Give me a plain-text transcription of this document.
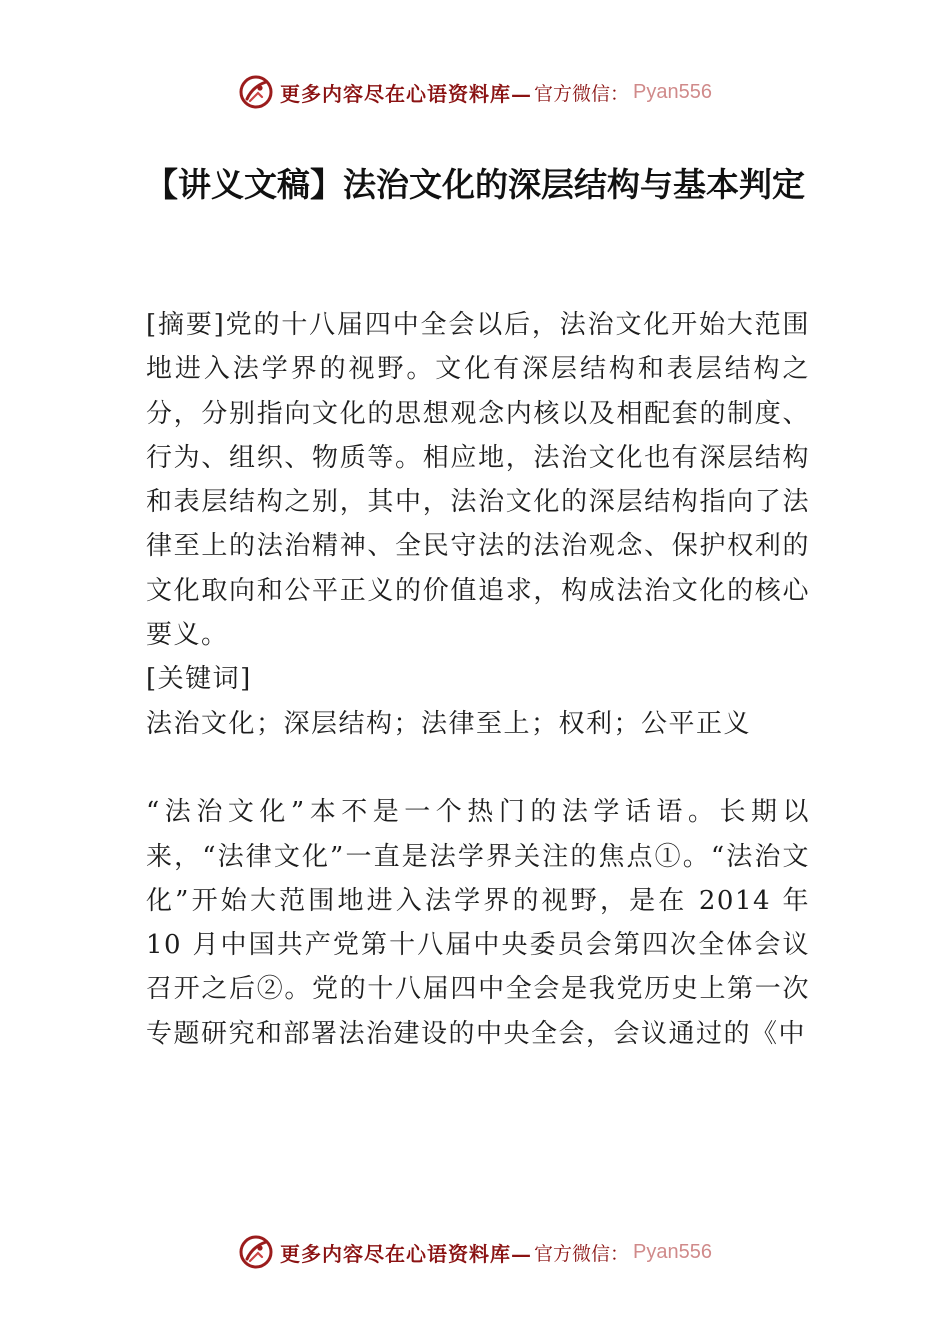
更多内容尽在心语资料库— 官方微信： Pyan556
【讲义文稿】法治文化的深层结构与基本判定

[摘要]党的十八届四中全会以后，法治文化开始大范围地进入法学界的视野。文化有深层结构和表层结构之分，分别指向文化的思想观念内核以及相配套的制度、行为、组织、物质等。相应地，法治文化也有深层结构和表层结构之别，其中，法治文化的深层结构指向了法律至上的法治精神、全民守法的法治观念、保护权利的文化取向和公平正义的价值追求，构成法治文化的核心要义。

[关键词]

法治文化；深层结构；法律至上；权利；公平正义

“法治文化”本不是一个热门的法学话语。长期以来，“法律文化”一直是法学界关注的焦点①。“法治文化”开始大范围地进入法学界的视野，是在 2014 年 10 月中国共产党第十八届中央委员会第四次全体会议召开之后②。党的十八届四中全会是我党历史上第一次专题研究和部署法治建设的中央全会，会议通过的《中

更多内容尽在心语资料库— 官方微信： Pyan556
